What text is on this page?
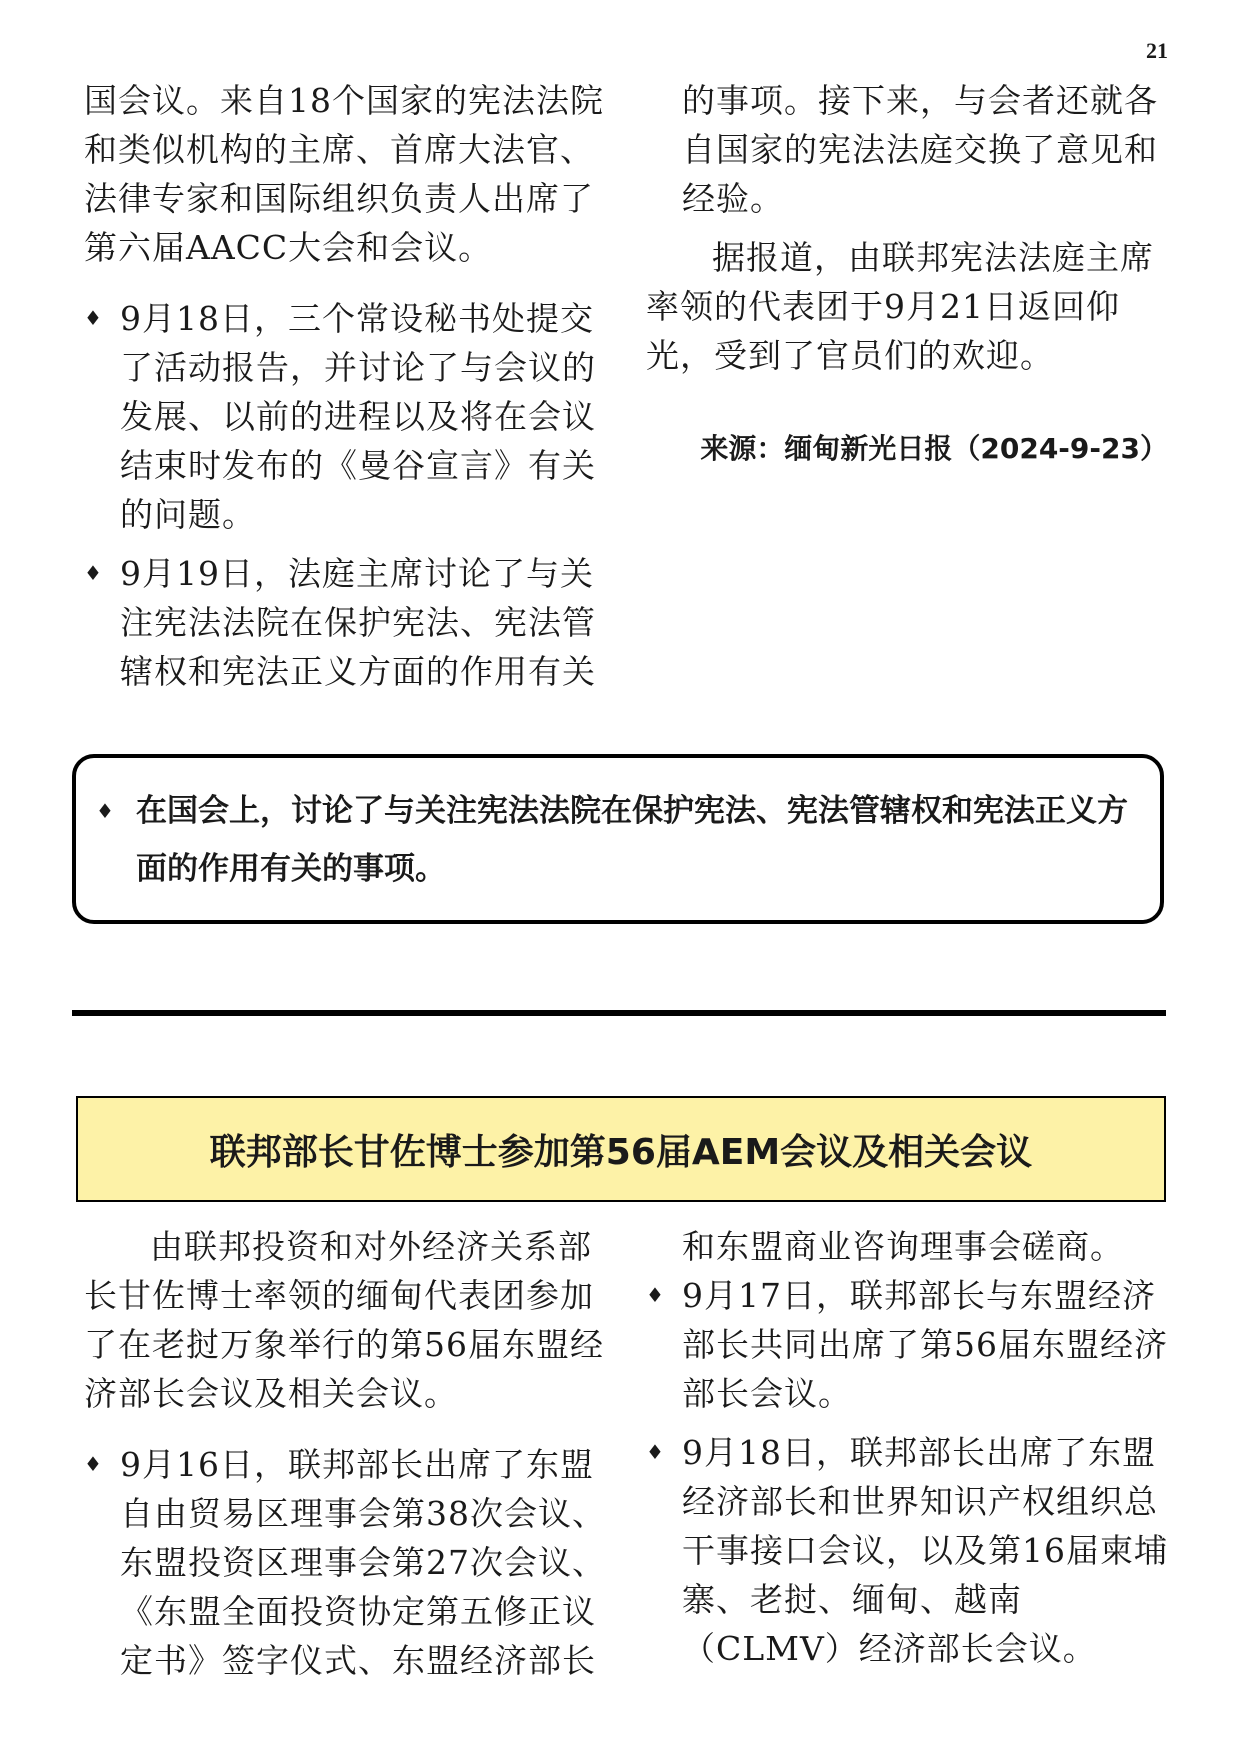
21

国会议。来自18个国家的宪法法院和类似机构的主席、首席大法官、法律专家和国际组织负责人出席了第六届AACC大会和会议。

♦ 9月18日，三个常设秘书处提交了活动报告，并讨论了与会议的发展、以前的进程以及将在会议结束时发布的《曼谷宣言》有关的问题。

♦ 9月19日，法庭主席讨论了与关注宪法法院在保护宪法、宪法管辖权和宪法正义方面的作用有关

的事项。接下来，与会者还就各自国家的宪法法庭交换了意见和经验。

据报道，由联邦宪法法庭主席率领的代表团于9月21日返回仰光，受到了官员们的欢迎。

来源：缅甸新光日报（2024-9-23）

♦ 在国会上，讨论了与关注宪法法院在保护宪法、宪法管辖权和宪法正义方面的作用有关的事项。

联邦部长甘佐博士参加第56届AEM会议及相关会议

由联邦投资和对外经济关系部长甘佐博士率领的缅甸代表团参加了在老挝万象举行的第56届东盟经济部长会议及相关会议。

♦ 9月16日，联邦部长出席了东盟自由贸易区理事会第38次会议、东盟投资区理事会第27次会议、《东盟全面投资协定第五修正议定书》签字仪式、东盟经济部长

和东盟商业咨询理事会磋商。

♦ 9月17日，联邦部长与东盟经济部长共同出席了第56届东盟经济部长会议。

♦ 9月18日，联邦部长出席了东盟经济部长和世界知识产权组织总干事接口会议，以及第16届柬埔寨、老挝、缅甸、越南（CLMV）经济部长会议。
